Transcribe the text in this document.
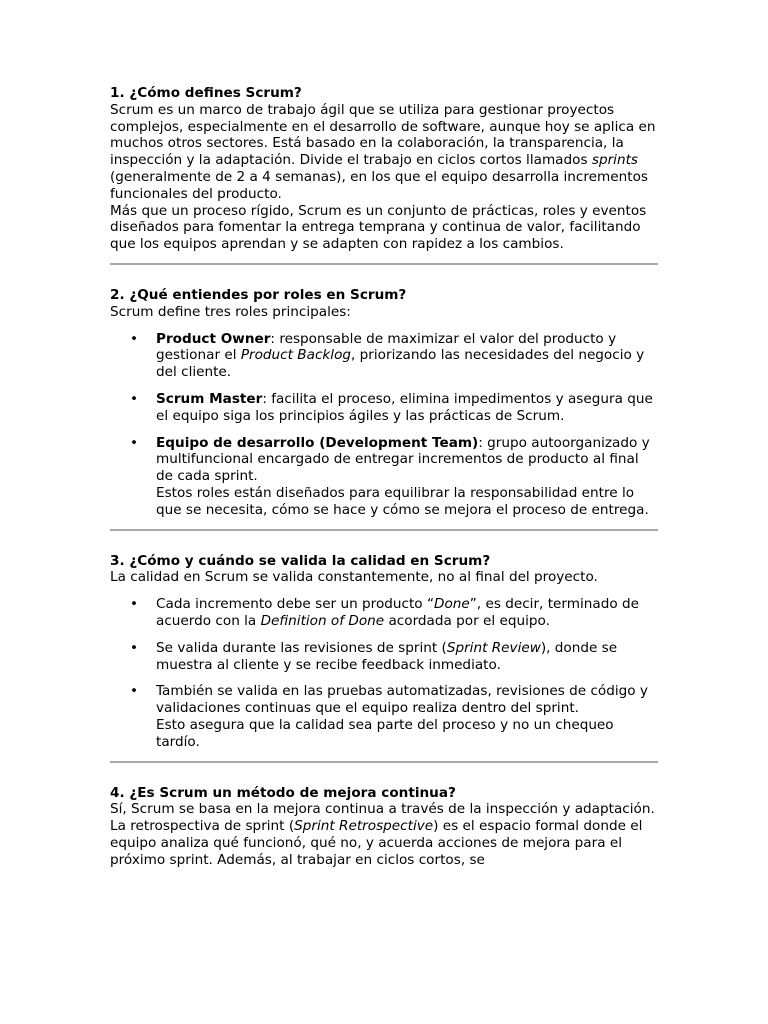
1. ¿Cómo defines Scrum?

Scrum es un marco de trabajo ágil que se utiliza para gestionar proyectos complejos, especialmente en el desarrollo de software, aunque hoy se aplica en muchos otros sectores. Está basado en la colaboración, la transparencia, la inspección y la adaptación. Divide el trabajo en ciclos cortos llamados sprints (generalmente de 2 a 4 semanas), en los que el equipo desarrolla incrementos funcionales del producto.

Más que un proceso rígido, Scrum es un conjunto de prácticas, roles y eventos diseñados para fomentar la entrega temprana y continua de valor, facilitando que los equipos aprendan y se adapten con rapidez a los cambios.

2. ¿Qué entiendes por roles en Scrum?

Scrum define tres roles principales:

• Product Owner: responsable de maximizar el valor del producto y gestionar el Product Backlog, priorizando las necesidades del negocio y del cliente.
• Scrum Master: facilita el proceso, elimina impedimentos y asegura que el equipo siga los principios ágiles y las prácticas de Scrum.
• Equipo de desarrollo (Development Team): grupo autoorganizado y multifuncional encargado de entregar incrementos de producto al final de cada sprint.
Estos roles están diseñados para equilibrar la responsabilidad entre lo que se necesita, cómo se hace y cómo se mejora el proceso de entrega.

3. ¿Cómo y cuándo se valida la calidad en Scrum?

La calidad en Scrum se valida constantemente, no al final del proyecto.

• Cada incremento debe ser un producto “Done”, es decir, terminado de acuerdo con la Definition of Done acordada por el equipo.
• Se valida durante las revisiones de sprint (Sprint Review), donde se muestra al cliente y se recibe feedback inmediato.
• También se valida en las pruebas automatizadas, revisiones de código y validaciones continuas que el equipo realiza dentro del sprint.
Esto asegura que la calidad sea parte del proceso y no un chequeo tardío.

4. ¿Es Scrum un método de mejora continua?

Sí, Scrum se basa en la mejora continua a través de la inspección y adaptación. La retrospectiva de sprint (Sprint Retrospective) es el espacio formal donde el equipo analiza qué funcionó, qué no, y acuerda acciones de mejora para el próximo sprint. Además, al trabajar en ciclos cortos, se
